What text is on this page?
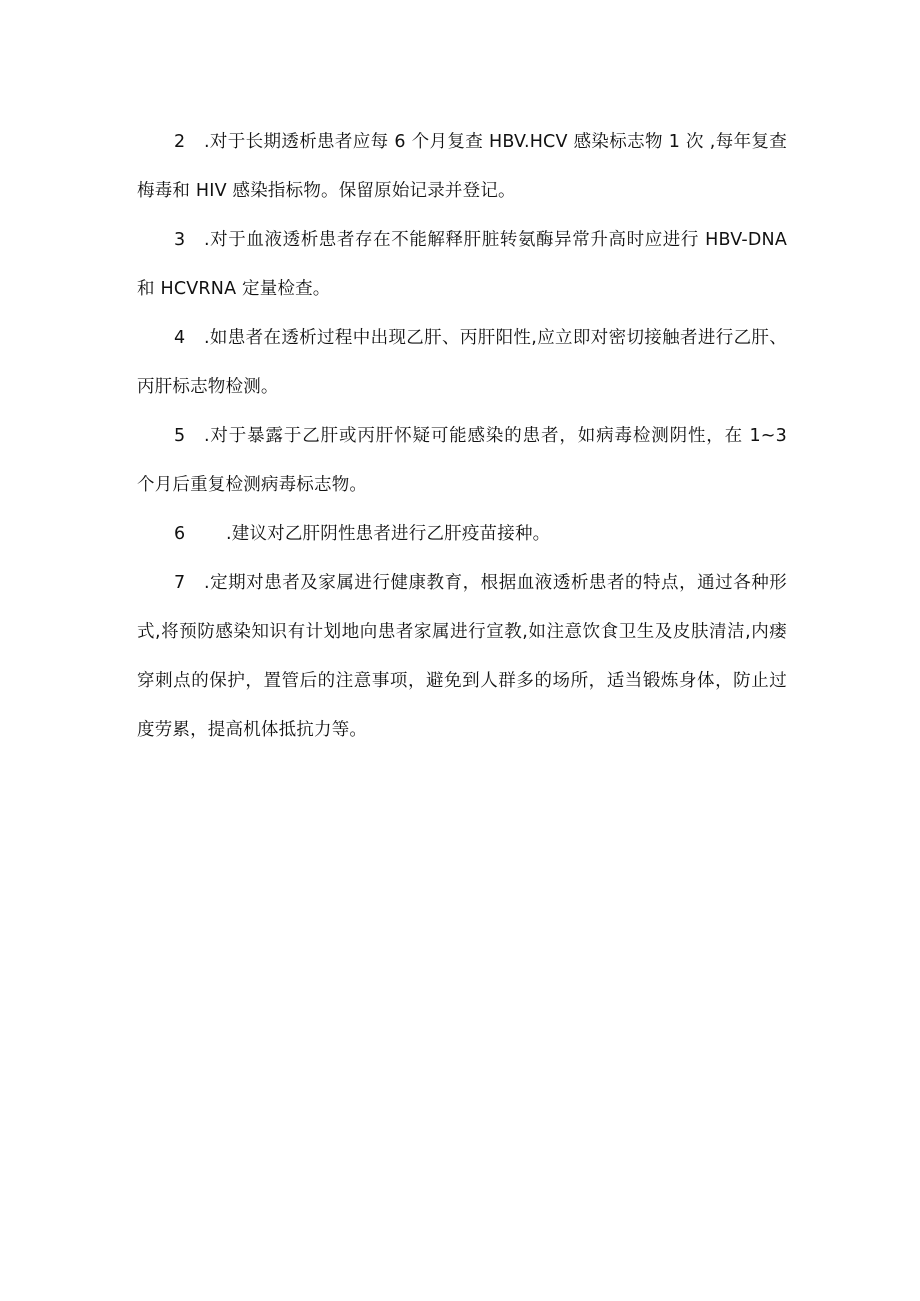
2 .对于长期透析患者应每 6 个月复查 HBV.HCV 感染标志物 1 次 ,每年复查梅毒和 HIV 感染指标物。保留原始记录并登记。

3 .对于血液透析患者存在不能解释肝脏转氨酶异常升高时应进行 HBV-DNA 和 HCVRNA 定量检查。

4 .如患者在透析过程中出现乙肝、丙肝阳性,应立即对密切接触者进行乙肝、丙肝标志物检测。

5 .对于暴露于乙肝或丙肝怀疑可能感染的患者，如病毒检测阴性，在 1~3 个月后重复检测病毒标志物。

6 .建议对乙肝阴性患者进行乙肝疫苗接种。

7 .定期对患者及家属进行健康教育，根据血液透析患者的特点，通过各种形式,将预防感染知识有计划地向患者家属进行宣教,如注意饮食卫生及皮肤清洁,内瘘穿刺点的保护，置管后的注意事项，避免到人群多的场所，适当锻炼身体，防止过度劳累，提高机体抵抗力等。
